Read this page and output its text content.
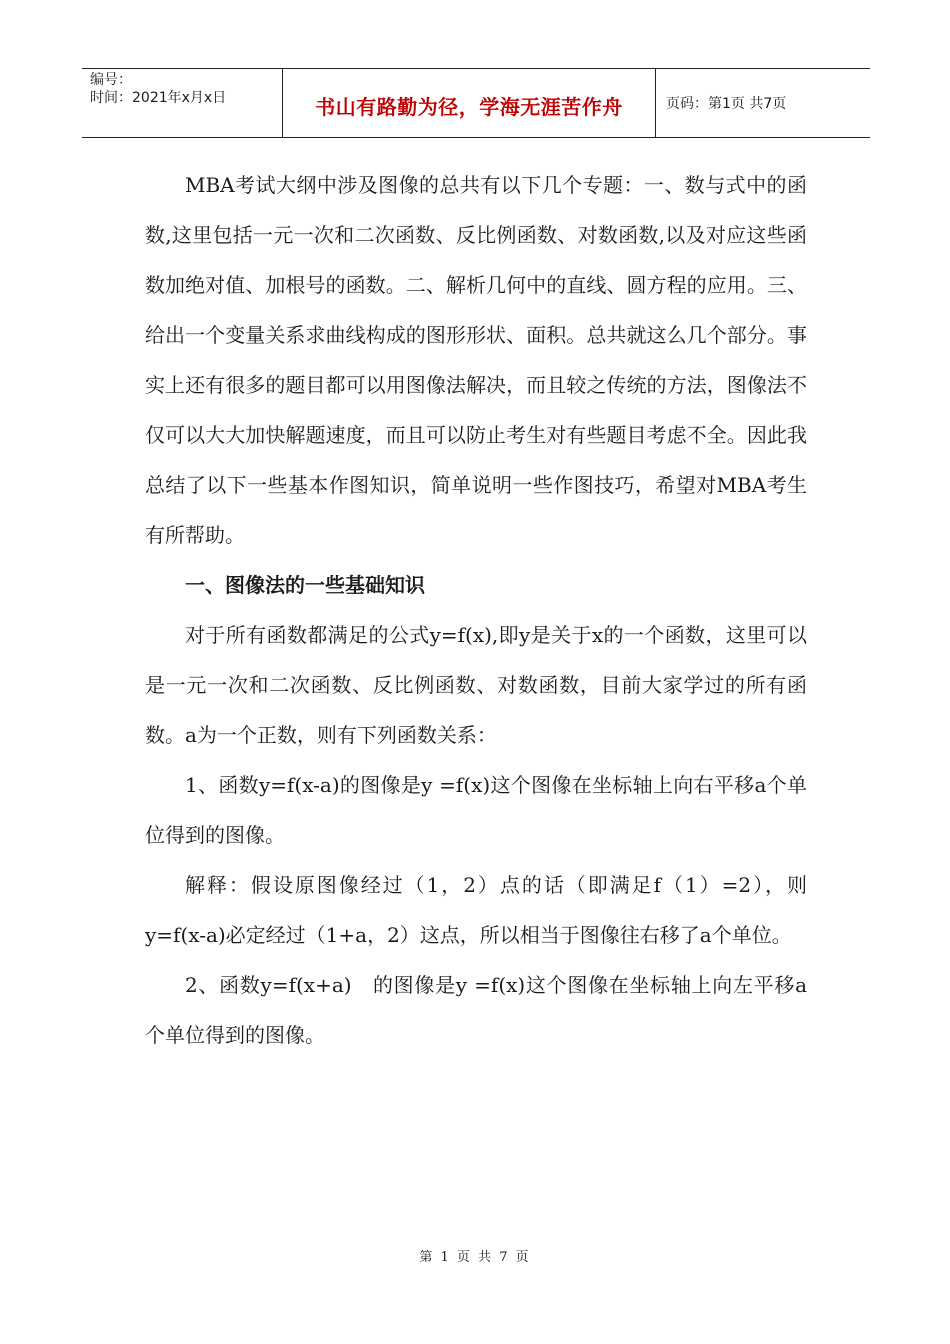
编号：
时间：2021年x月x日	书山有路勤为径，学海无涯苦作舟	页码：第1页 共7页

MBA考试大纲中涉及图像的总共有以下几个专题：一、数与式中的函数,这里包括一元一次和二次函数、反比例函数、对数函数,以及对应这些函数加绝对值、加根号的函数。二、解析几何中的直线、圆方程的应用。三、给出一个变量关系求曲线构成的图形形状、面积。总共就这么几个部分。事实上还有很多的题目都可以用图像法解决，而且较之传统的方法，图像法不仅可以大大加快解题速度，而且可以防止考生对有些题目考虑不全。因此我总结了以下一些基本作图知识，简单说明一些作图技巧，希望对MBA考生有所帮助。

一、图像法的一些基础知识

对于所有函数都满足的公式y=f(x),即y是关于x的一个函数，这里可以是一元一次和二次函数、反比例函数、对数函数，目前大家学过的所有函数。a为一个正数，则有下列函数关系：

1、函数y=f(x-a)的图像是y =f(x)这个图像在坐标轴上向右平移a个单位得到的图像。

解释：假设原图像经过（1，2）点的话（即满足f（1）=2），则y=f(x-a)必定经过（1+a，2）这点，所以相当于图像往右移了a个单位。

2、函数y=f(x+a)　的图像是y =f(x)这个图像在坐标轴上向左平移a个单位得到的图像。

第 1 页 共 7 页
